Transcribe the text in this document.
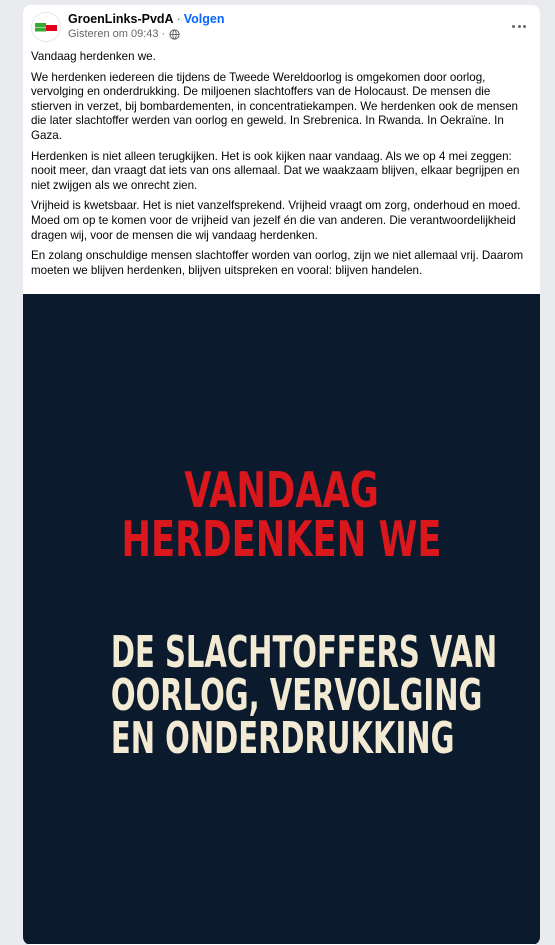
GroenLinks-PvdA · Volgen
Gisteren om 09:43 ·

Vandaag herdenken we.

We herdenken iedereen die tijdens de Tweede Wereldoorlog is omgekomen door oorlog, vervolging en onderdrukking. De miljoenen slachtoffers van de Holocaust. De mensen die stierven in verzet, bij bombardementen, in concentratiekampen. We herdenken ook de mensen die later slachtoffer werden van oorlog en geweld. In Srebrenica. In Rwanda. In Oekraïne. In Gaza.

Herdenken is niet alleen terugkijken. Het is ook kijken naar vandaag. Als we op 4 mei zeggen: nooit meer, dan vraagt dat iets van ons allemaal. Dat we waakzaam blijven, elkaar begrijpen en niet zwijgen als we onrecht zien.

Vrijheid is kwetsbaar. Het is niet vanzelfsprekend. Vrijheid vraagt om zorg, onderhoud en moed. Moed om op te komen voor de vrijheid van jezelf én die van anderen. Die verantwoordelijkheid dragen wij, voor de mensen die wij vandaag herdenken.

En zolang onschuldige mensen slachtoffer worden van oorlog, zijn we niet allemaal vrij. Daarom moeten we blijven herdenken, blijven uitspreken en vooral: blijven handelen.

VANDAAG
HERDENKEN WE
DE SLACHTOFFERS VAN
OORLOG, VERVOLGING
EN ONDERDRUKKING
